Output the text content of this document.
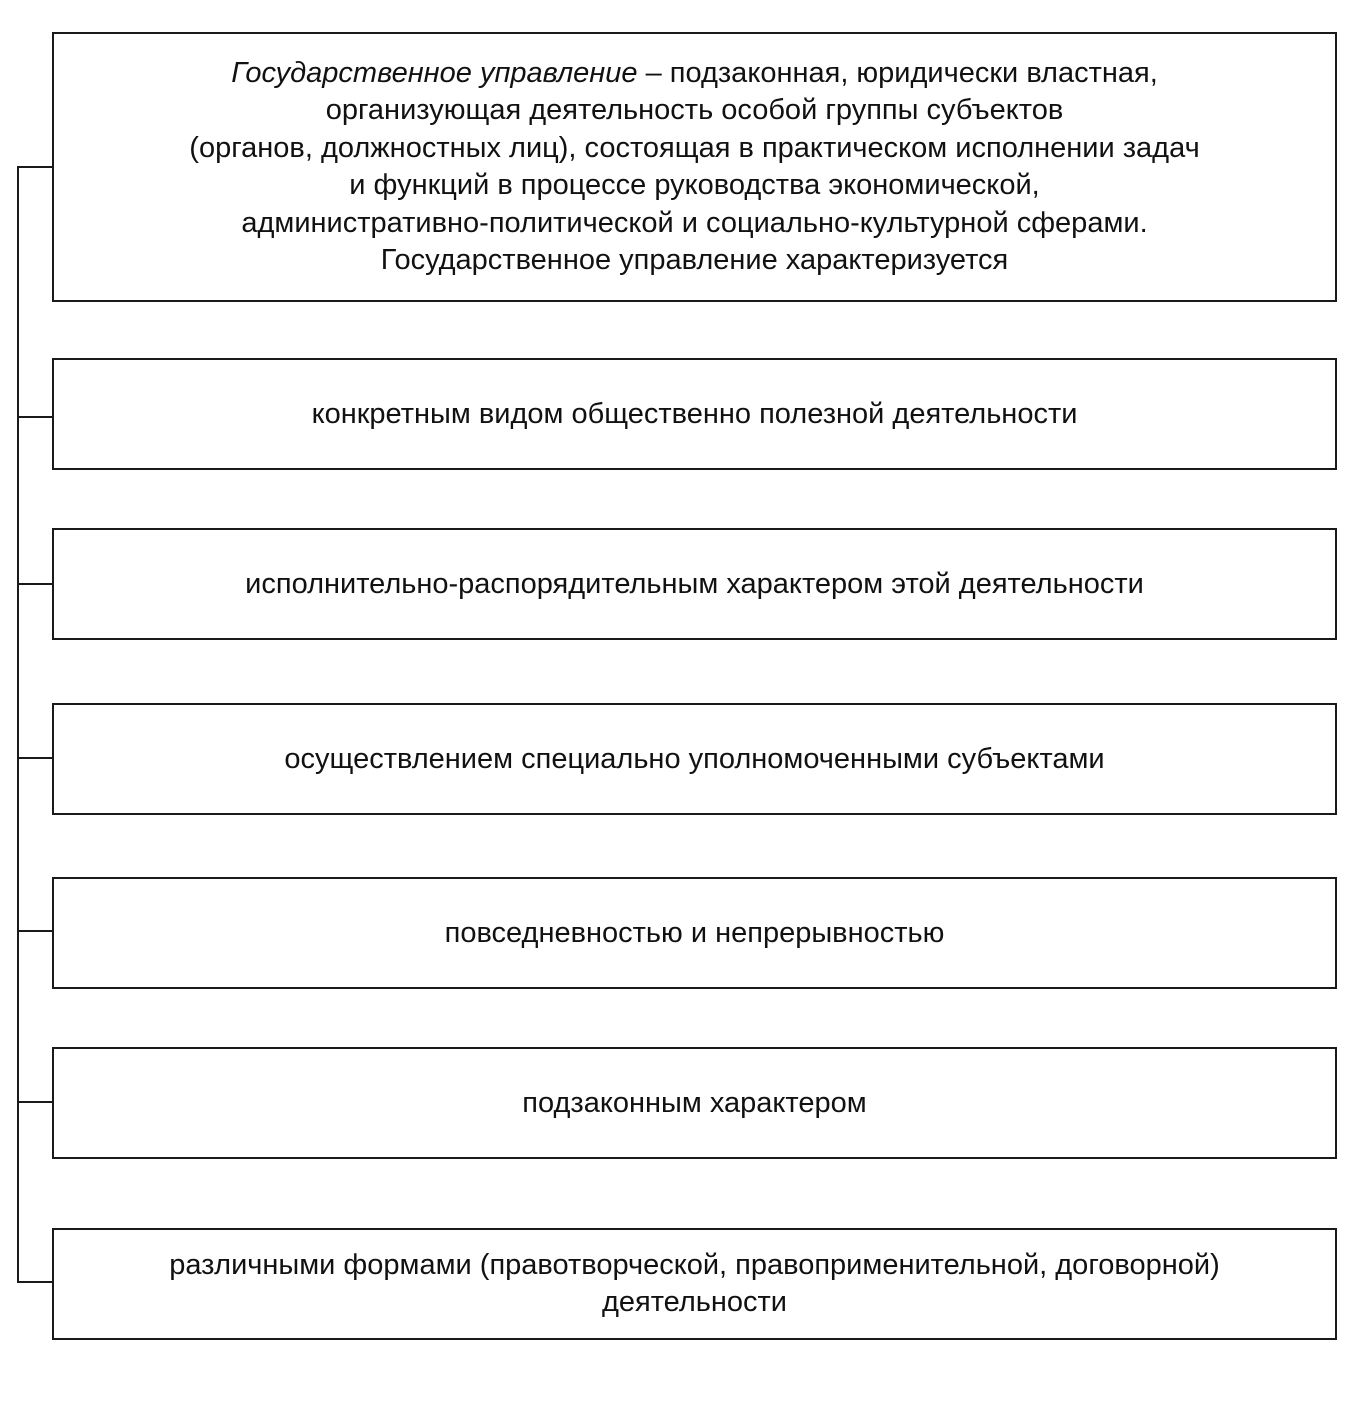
Государственное управление – подзаконная, юридически властная,
организующая деятельность особой группы субъектов
(органов, должностных лиц), состоящая в практическом исполнении задач
и функций в процессе руководства экономической,
административно-политической и социально-культурной сферами.
Государственное управление характеризуется
конкретным видом общественно полезной деятельности
исполнительно-распорядительным характером этой деятельности
осуществлением специально уполномоченными субъектами
повседневностью и непрерывностью
подзаконным характером
различными формами (правотворческой, правоприменительной, договорной)
деятельности
